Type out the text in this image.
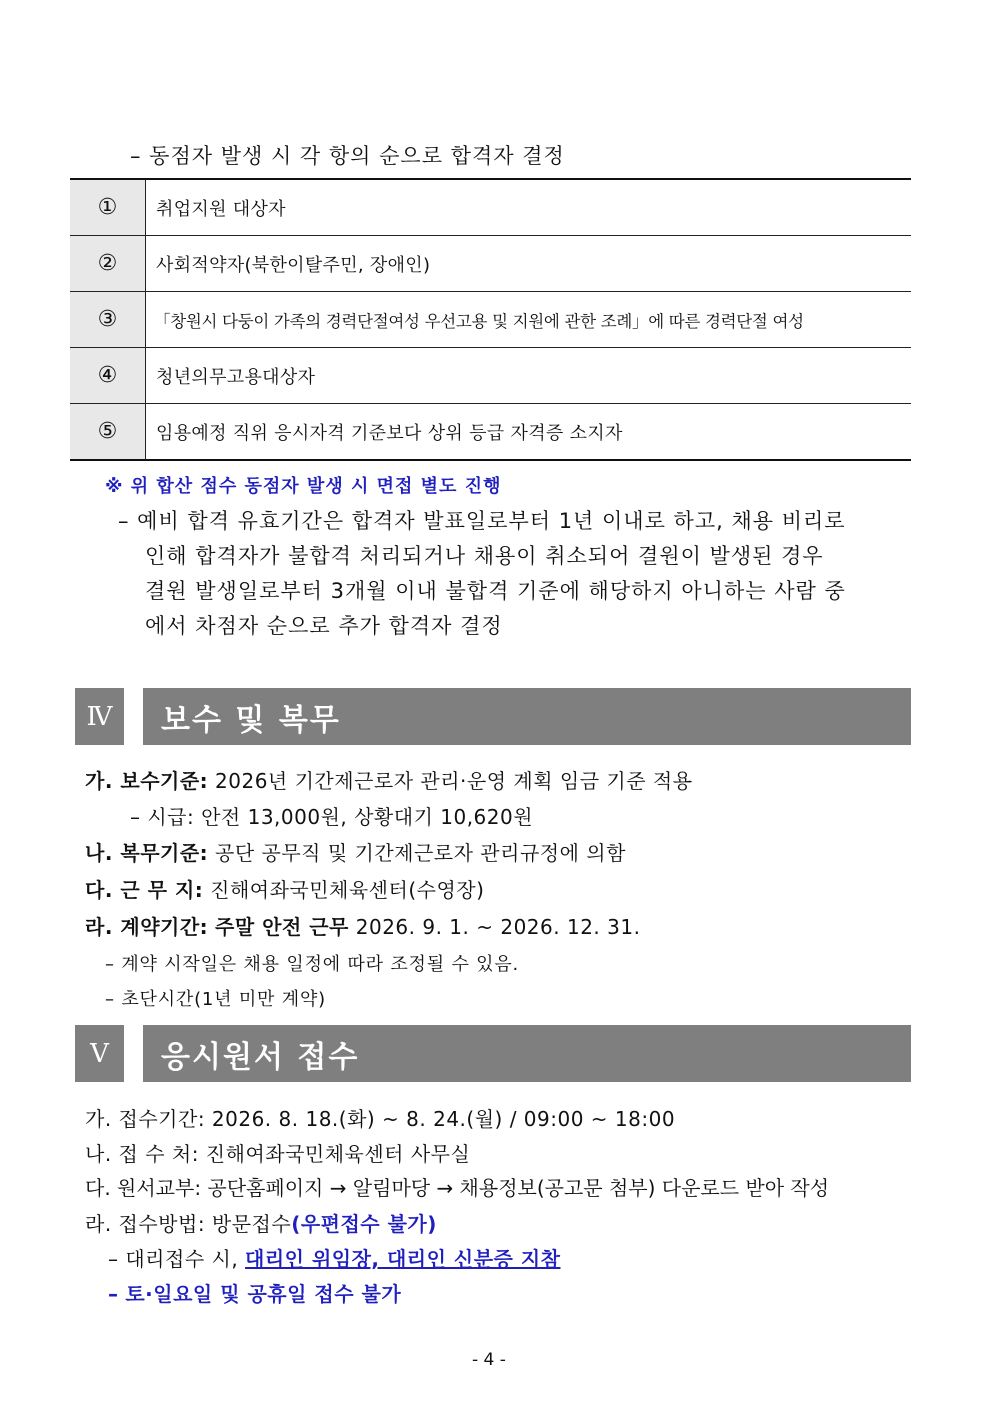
– 동점자 발생 시 각 항의 순으로 합격자 결정
①	취업지원 대상자
②	사회적약자(북한이탈주민, 장애인)
③	「창원시 다둥이 가족의 경력단절여성 우선고용 및 지원에 관한 조례」에 따른 경력단절 여성
④	청년의무고용대상자
⑤	임용예정 직위 응시자격 기준보다 상위 등급 자격증 소지자
※ 위 합산 점수 동점자 발생 시 면접 별도 진행
– 예비 합격 유효기간은 합격자 발표일로부터 1년 이내로 하고, 채용 비리로
인해 합격자가 불합격 처리되거나 채용이 취소되어 결원이 발생된 경우
결원 발생일로부터 3개월 이내 불합격 기준에 해당하지 아니하는 사람 중
에서 차점자 순으로 추가 합격자 결정
Ⅳ	보수 및 복무
가. 보수기준: 2026년 기간제근로자 관리·운영 계획 임금 기준 적용
– 시급: 안전 13,000원, 상황대기 10,620원
나. 복무기준: 공단 공무직 및 기간제근로자 관리규정에 의함
다. 근 무 지: 진해여좌국민체육센터(수영장)
라. 계약기간: 주말 안전 근무 2026. 9. 1. ~ 2026. 12. 31.
– 계약 시작일은 채용 일정에 따라 조정될 수 있음.
– 초단시간(1년 미만 계약)
Ⅴ	응시원서 접수
가. 접수기간: 2026. 8. 18.(화) ~ 8. 24.(월) / 09:00 ~ 18:00
나. 접 수 처: 진해여좌국민체육센터 사무실
다. 원서교부: 공단홈페이지 → 알림마당 → 채용정보(공고문 첨부) 다운로드 받아 작성
라. 접수방법: 방문접수(우편접수 불가)
– 대리접수 시, 대리인 위임장, 대리인 신분증 지참
– 토·일요일 및 공휴일 접수 불가
- 4 -
